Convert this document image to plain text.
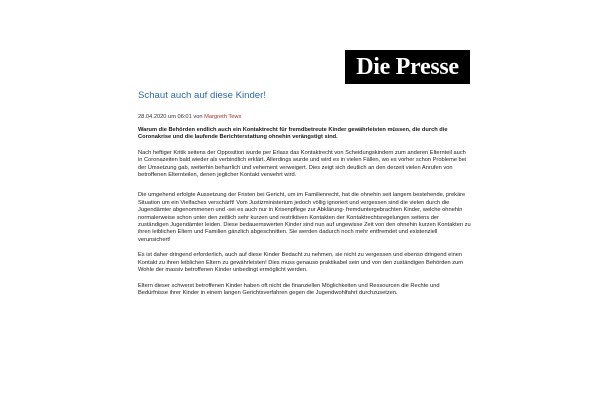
Die Presse
Schaut auch auf diese Kinder!
28.04.2020 um 06:01 von Margreth Tews

Warum die Behörden endlich auch ein Kontaktrecht für fremdbetreute Kinder gewährleisten müssen, die durch die Coronakrise und die laufende Berichterstattung ohnehin verängstigt sind.

Nach heftiger Kritik seitens der Opposition wurde per Erlass das Kontaktrecht von Scheidungskindern zum anderen Elternteil auch in Coronazeiten bald wieder als verbindlich erklärt. Allerdings wurde und wird es in vielen Fällen, wo es vorher schon Probleme bei der Umsetzung gab, weiterhin beharrlich und vehement verweigert. Dies zeigt sich deutlich an den derzeit vielen Anrufen von betroffenen Elternteilen, denen jeglicher Kontakt verwehrt wird.

Die umgehend erfolgte Aussetzung der Fristen bei Gericht, um im Familienrecht, hat die ohnehin seit langem bestehende, prekäre Situation um ein Vielfaches verschärft! Vom Justizministerium jedoch völlig ignoriert und vergessen sind die vielen durch die Jugendämter abgenommenen und -sei es auch nur in Krisenpflege zur Abklärung- fremduntergebrachten Kinder, welche ohnehin normalerweise schon unter den zeitlich sehr kurzen und restriktiven Kontakten der Kontaktrechtsregelungen seitens der zuständigen Jugendämter leiden. Diese bedauernswerten Kinder sind nun auf ungewisse Zeit von den ohnehin kurzen Kontakten zu ihren leiblichen Eltern und Familien gänzlich abgeschnitten. Sie werden dadurch noch mehr entfremdet und existenziell verunsichert!

Es ist daher dringend erforderlich, auch auf diese Kinder Bedacht zu nehmen, sie nicht zu vergessen und ebenso dringend einen Kontakt zu ihren leiblichen Eltern zu gewährleisten! Dies muss genauso praktikabel sein und von den zuständigen Behörden zum Wohle der massiv betroffenen Kinder unbedingt ermöglicht werden.

Eltern dieser schwerst betroffenen Kinder haben oft nicht die finanziellen Möglichkeiten und Ressourcen die Rechte und Bedürfnisse ihrer Kinder in einem langen Gerichtsverfahren gegen die Jugendwohlfahrt durchzusetzen.
